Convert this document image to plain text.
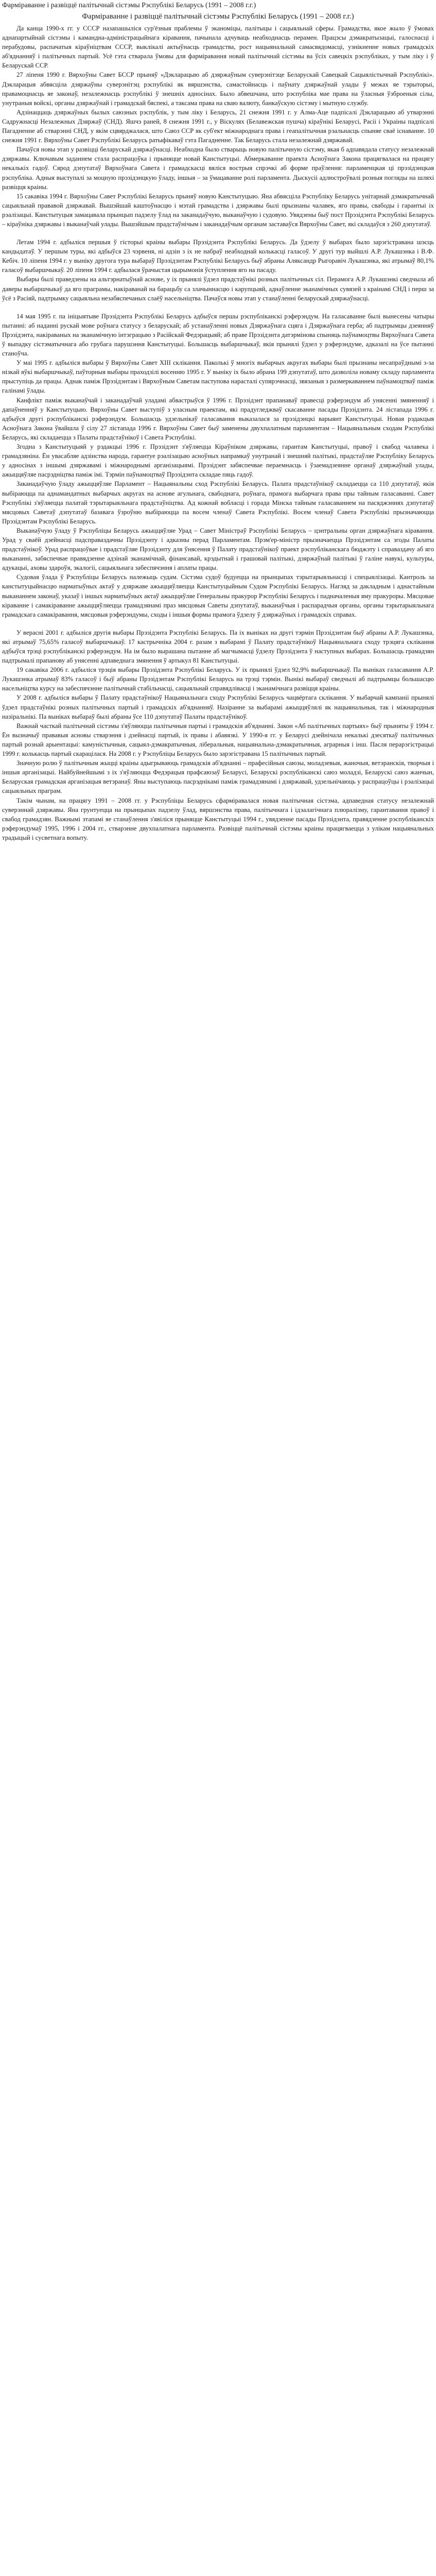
Фарміраванне і развіццё палітычнай сістэмы Рэспублікі Беларусь (1991 – 2008 г.г.)
Фарміраванне і развіццё палітычнай сістэмы Рэспублікі Беларусь (1991 – 2008 г.г.)

Да канца 1990-х гг. у СССР назапашыліся сур'ёзныя праблемы ў эканоміцы, палітыцы і сацыяльнай сферы. Грамадства, якое жыло ў ўмовах аднапартыйнай сістэмы і камандна-адміністрацыйнага кіравання, пачынала адчуваць неабходнасць перамен. Працэсы дэмакратызацыі, галоснасці і перабудовы, распачатыя кіраўніцтвам СССР, выклікалі актыўнасць грамадства, рост нацыянальнай самасвядомасці, узнікненне новых грамадскіх аб'яднанняў і палітычных партый. Усё гэта стварала ўмовы для фарміравання новай палітычнай сістэмы ва ўсіх савецкіх рэспубліках, у тым ліку і ў Беларускай ССР.

27 ліпеня 1990 г. Вярхоўны Савет БССР прыняў «Дэкларацыю аб дзяржаўным суверэнітэце Беларускай Савецкай Сацыялістычнай Рэспублікі». Дэкларацыя абвясціла дзяржаўны суверэнітэц рэспублікі як вяршэнства, самастойнасць і паўнату дзяржаўнай улады ў межах яе тэрыторыі, правамоцнасць яе законаў, незалежнасць рэспублікі ў знешніх адносінах. Было абвешчана, што рэспубліка мае права на ўласныя ўзброеныя сілы, унутраныя войскі, органы дзяржаўнай і грамадскай бяспекі, а таксама права на сваю валюту, банкаўскую сістэму і мытную службу.

Адзінаццаць дзяржаўных былых саюзных рэспублік, у тым ліку і Беларусь, 21 снежня 1991 г. у Алма-Аце падпісалі Дэкларацыю аб утварэнні Садружнасці Незалежных Дзяржаў (СНД). Яшчэ раней, 8 снежня 1991 г., у Віскулях (Белавежская пушча) кіраўнікі Беларусі, Расіі і Украіны падпісалі Пагадненне аб стварэнні СНД, у якім сцвярджалася, што Саюз ССР як суб'ект міжнароднага права і геапалітычная рэальнасць спыняе сваё існаванне. 10 снежня 1991 г. Вярхоўны Савет Рэспублікі Беларусь ратыфікаваў гэта Пагадненне. Так Беларусь стала незалежнай дзяржавай.

Пачаўся новы этап у развіцці беларускай дзяржаўнасці. Неабходна было стварыць новую палітычную сістэму, якая б адпавядала статусу незалежнай дзяржавы. Ключавым заданнем стала распрацоўка і прыняцце новай Канстытуцыі. Абмеркаванне праекта Асноўнага Закона працягвалася на працягу некалькіх гадоў. Сярод дэпутатаў Вярхоўнага Савета і грамадскасці вяліся вострыя спрэчкі аб форме праўлення: парламенцкая ці прэзідэнцкая рэспубліка. Адныя выступалі за моцную прэзідэнцкую ўладу, іншыя – за ўмацаванне ролі парламента. Дыскусіі адлюстроўвалі розныя погляды на шляхі развіцця краіны.

15 сакавіка 1994 г. Вярхоўны Савет Рэспублікі Беларусь прыняў новую Канстытуцыю. Яна абвясціла Рэспубліку Беларусь унітарнай дэмакратычнай сацыяльнай прававой дзяржавай. Вышэйшай каштоўнасцю і мэтай грамадства і дзяржавы былі прызнаны чалавек, яго правы, свабоды і гарантыі іх рэалізацыі. Канстытуцыя замацавала прынцып падзелу ўлад на заканадаўчую, выканаўчую і судовую. Увядзены быў пост Прэзідэнта Рэспублікі Беларусь – кіраўніка дзяржавы і выканаўчай улады. Вышэйшым прадстаўнічым і заканадаўчым органам заставаўся Вярхоўны Савет, які складаўся з 260 дэпутатаў.

Летам 1994 г. адбыліся першыя ў гісторыі краіны выбары Прэзідэнта Рэспублікі Беларусь. Да ўдзелу ў выбарах было зарэгістравана шэсць кандыдатаў. У першым туры, які адбыўся 23 чэрвеня, ні адзін з іх не набраў неабходнай колькасці галасоў. У другі тур выйшлі А.Р. Лукашэнка і В.Ф. Кебіч. 10 ліпеня 1994 г. у выніку другога тура выбараў Прэзідэнтам Рэспублікі Беларусь быў абраны Аляксандр Рыгоравіч Лукашэнка, які атрымаў 80,1% галасоў выбаршчыкаў. 20 ліпеня 1994 г. адбылася ўрачыстая цырымонія ўступлення яго на пасаду.

Выбары былі праведзены на альтэрнатыўнай аснове, у іх прынялі ўдзел прадстаўнікі розных палітычных сіл. Перамога А.Р. Лукашэнкі сведчыла аб даверы выбаршчыкаў да яго праграмы, накіраванай на барацьбу са злачыннасцю і карупцыяй, аднаўленне эканамічных сувязей з краінамі СНД і перш за ўсё з Расіяй, падтрымку сацыяльна незабяспечаных слаёў насельніцтва. Пачаўся новы этап у станаўленні беларускай дзяржаўнасці.

14 мая 1995 г. па ініцыятыве Прэзідэнта Рэспублікі Беларусь адбыўся першы рэспубліканскі рэферэндум. На галасаванне былі вынесены чатыры пытанні: аб наданні рускай мове роўнага статусу з беларускай; аб устанаўленні новых Дзяржаўнага сцяга і Дзяржаўнага герба; аб падтрымцы дзеянняў Прэзідэнта, накіраваных на эканамічную інтэграцыю з Расійскай Федэрацыяй; аб праве Прэзідэнта датэрмінова спыняць паўнамоцтвы Вярхоўнага Савета ў выпадку сістэматычнага або грубага парушэння Канстытуцыі. Большасць выбаршчыкаў, якія прынялі ўдзел у рэферэндуме, адказалі на ўсе пытанні станоўча.

У маі 1995 г. адбыліся выбары ў Вярхоўны Савет XIII склікання. Паколькі ў многіх выбарчых акругах выбары былі прызнаны несапраўднымі з-за нізкай яўкі выбаршчыкаў, паўторныя выбары праходзілі восенню 1995 г. У выніку іх было абрана 199 дэпутатаў, што дазволіла новаму складу парламента прыступіць да працы. Аднак паміж Прэзідэнтам і Вярхоўным Саветам паступова нарасталі супярэчнасці, звязаныя з размеркаваннем паўнамоцтваў паміж галінамі ўлады.

Канфлікт паміж выканаўчай і заканадаўчай уладамі абвастрыўся ў 1996 г. Прэзідэнт прапанаваў правесці рэферэндум аб унясенні змяненняў і дапаўненняў у Канстытуцыю. Вярхоўны Савет выступіў з уласным праектам, які прадугледжваў скасаванне пасады Прэзідэнта. 24 лістапада 1996 г. адбыўся другі рэспубліканскі рэферэндум. Большасць удзельнікаў галасавання выказалася за прэзідэнцкі варыянт Канстытуцыі. Новая рэдакцыя Асноўнага Закона ўвайшла ў сілу 27 лістапада 1996 г. Вярхоўны Савет быў заменены двухпалатным парламентам – Нацыянальным сходам Рэспублікі Беларусь, які складаецца з Палаты прадстаўнікоў і Савета Рэспублікі.

Згодна з Канстытуцыяй у рэдакцыі 1996 г. Прэзідэнт з'яўляецца Кіраўніком дзяржавы, гарантам Канстытуцыі, правоў і свабод чалавека і грамадзяніна. Ён увасабляе адзінства народа, гарантуе рэалізацыю асноўных напрамкаў унутранай і знешняй палітыкі, прадстаўляе Рэспубліку Беларусь у адносінах з іншымі дзяржавамі і міжнароднымі арганізацыямі. Прэзідэнт забяспечвае пераемнасць і ўзаемадзеянне органаў дзяржаўнай улады, ажыццяўляе пасрэдніцтва паміж імі. Тэрмін паўнамоцтваў Прэзідэнта складае пяць гадоў.

Заканадаўчую ўладу ажыццяўляе Парламент – Нацыянальны сход Рэспублікі Беларусь. Палата прадстаўнікоў складаецца са 110 дэпутатаў, якія выбіраюцца па аднамандатных выбарчых акругах на аснове агульнага, свабоднага, роўнага, прамога выбарчага права пры тайным галасаванні. Савет Рэспублікі з'яўляецца палатай тэрытарыяльнага прадстаўніцтва. Ад кожнай вобласці і горада Мінска тайным галасаваннем на пасяджэннях дэпутатаў мясцовых Саветаў дэпутатаў базавага ўзроўню выбіраюцца па восем членаў Савета Рэспублікі. Восем членаў Савета Рэспублікі прызначаюцца Прэзідэнтам Рэспублікі Беларусь.

Выканаўчую ўладу ў Рэспубліцы Беларусь ажыццяўляе Урад – Савет Міністраў Рэспублікі Беларусь – цэнтральны орган дзяржаўнага кіравання. Урад у сваёй дзейнасці падсправаздачны Прэзідэнту і адказны перад Парламентам. Прэм'ер-міністр прызначаецца Прэзідэнтам са згоды Палаты прадстаўнікоў. Урад распрацоўвае і прадстаўляе Прэзідэнту для ўнясення ў Палату прадстаўнікоў праект рэспубліканскага бюджэту і справаздачу аб яго выкананні, забяспечвае правядзенне адзінай эканамічнай, фінансавай, крэдытнай і грашовай палітыкі, дзяржаўнай палітыкі ў галіне навукі, культуры, адукацыі, аховы здароўя, экалогіі, сацыяльнага забеспячэння і аплаты працы.

Судовая ўлада ў Рэспубліцы Беларусь належыць судам. Сістэма судоў будуецца на прынцыпах тэрытарыяльнасці і спецыялізацыі. Кантроль за канстытуцыйнасцю нарматыўных актаў у дзяржаве ажыццяўляецца Канстытуцыйным Судом Рэспублікі Беларусь. Нагляд за дакладным і аднастайным выкананнем законаў, указаў і іншых нарматыўных актаў ажыццяўляе Генеральны пракурор Рэспублікі Беларусь і падначаленыя яму пракуроры. Мясцовае кіраванне і самакіраванне ажыццяўляецца грамадзянамі праз мясцовыя Саветы дэпутатаў, выканаўчыя і распарадчыя органы, органы тэрытарыяльнага грамадскага самакіравання, мясцовыя рэферэндумы, сходы і іншыя формы прамога ўдзелу ў дзяржаўных і грамадскіх справах.

У верасні 2001 г. адбыліся другія выбары Прэзідэнта Рэспублікі Беларусь. Па іх выніках на другі тэрмін Прэзідэнтам быў абраны А.Р. Лукашэнка, які атрымаў 75,65% галасоў выбаршчыкаў. 17 кастрычніка 2004 г. разам з выбарамі ў Палату прадстаўнікоў Нацыянальнага сходу трэцяга склікання адбыўся трэці рэспубліканскі рэферэндум. На ім было вырашана пытанне аб магчымасці ўдзелу Прэзідэнта ў наступных выбарах. Большасць грамадзян падтрымалі прапанову аб унясенні адпаведнага змянення ў артыкул 81 Канстытуцыі.

19 сакавіка 2006 г. адбыліся трэція выбары Прэзідэнта Рэспублікі Беларусь. У іх прынялі ўдзел 92,9% выбаршчыкаў. Па выніках галасавання А.Р. Лукашэнка атрымаў 83% галасоў і быў абраны Прэзідэнтам Рэспублікі Беларусь на трэці тэрмін. Вынікі выбараў сведчылі аб падтрымцы большасцю насельніцтва курсу на забеспячэнне палітычнай стабільнасці, сацыяльнай справядлівасці і эканамічнага развіцця краіны.

У 2008 г. адбыліся выбары ў Палату прадстаўнікоў Нацыянальнага сходу Рэспублікі Беларусь чацвёртага склікання. У выбарчай кампаніі прынялі ўдзел прадстаўнікі розных палітычных партый і грамадскіх аб'яднанняў. Назіранне за выбарамі ажыццяўлялі як нацыянальныя, так і міжнародныя назіральнікі. Па выніках выбараў былі абраны ўсе 110 дэпутатаў Палаты прадстаўнікоў.

Важнай часткай палітычнай сістэмы з'яўляюцца палітычныя партыі і грамадскія аб'яднанні. Закон «Аб палітычных партыях» быў прыняты ў 1994 г. Ён вызначыў прававыя асновы стварэння і дзейнасці партый, іх правы і абавязкі. У 1990-я гг. у Беларусі дзейнічала некалькі дзесяткаў палітычных партый рознай арыентацыі: камуністычныя, сацыял-дэмакратычныя, ліберальныя, нацыянальна-дэмакратычныя, аграрныя і інш. Пасля перарэгістрацыі 1999 г. колькасць партый скарацілася. На 2008 г. у Рэспубліцы Беларусь было зарэгістравана 15 палітычных партый.

Значную ролю ў палітычным жыцці краіны адыгрываюць грамадскія аб'яднанні – прафесійныя саюзы, моладзевыя, жаночыя, ветэранскія, творчыя і іншыя арганізацыі. Найбуйнейшымі з іх з'яўляюцца Федэрацыя прафсаюзаў Беларусі, Беларускі рэспубліканскі саюз моладзі, Беларускі саюз жанчын, Беларуская грамадская арганізацыя ветэранаў. Яны выступаюць пасрэднікамі паміж грамадзянамі і дзяржавай, удзельнічаюць у распрацоўцы і рэалізацыі сацыяльных праграм.

Такім чынам, на працягу 1991 – 2008 гг. у Рэспубліцы Беларусь сфарміравалася новая палітычная сістэма, адпаведная статусу незалежнай суверэннай дзяржавы. Яна грунтуецца на прынцыпах падзелу ўлад, вяршэнства права, палітычнага і ідэалагічнага плюралізму, гарантавання правоў і свабод грамадзян. Важнымі этапамі яе станаўлення з'явіліся прыняцце Канстытуцыі 1994 г., увядзенне пасады Прэзідэнта, правядзенне рэспубліканскіх рэферэндумаў 1995, 1996 і 2004 гг., стварэнне двухпалатнага парламента. Развіццё палітычнай сістэмы краіны працягваецца з улікам нацыянальных традыцый і сусветнага вопыту.
